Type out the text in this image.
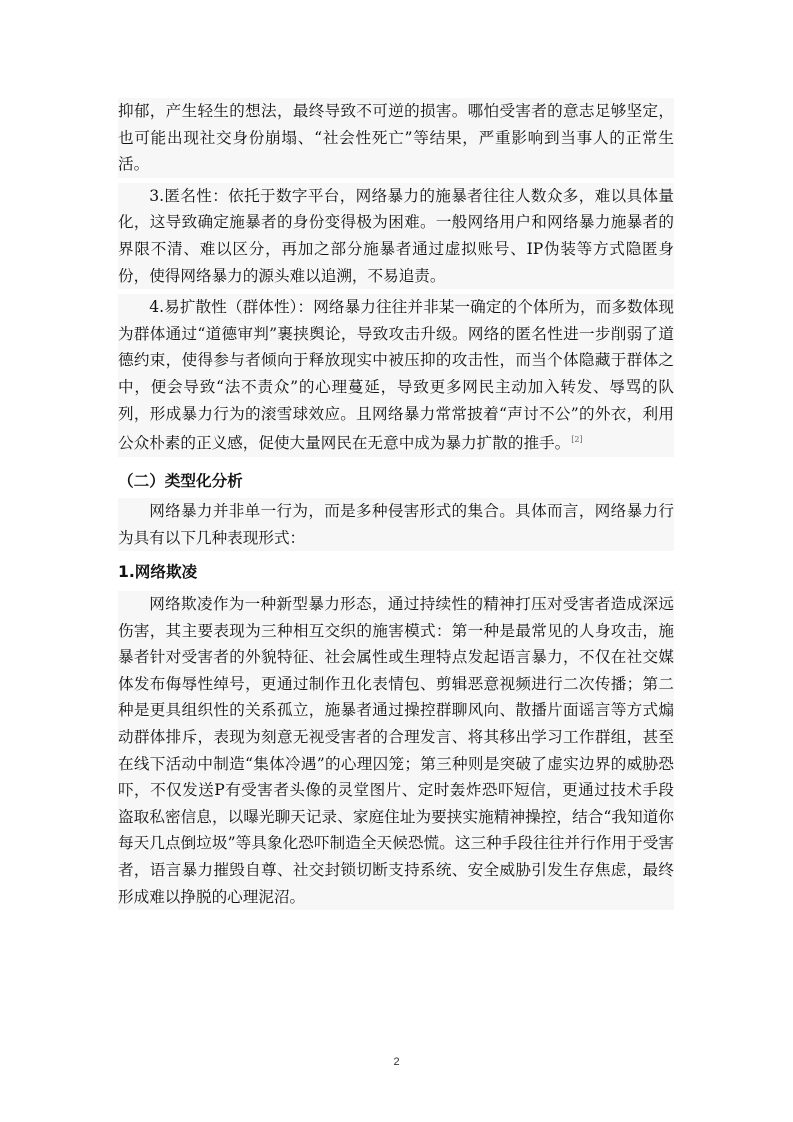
抑郁，产生轻生的想法，最终导致不可逆的损害。哪怕受害者的意志足够坚定，也可能出现社交身份崩塌、“社会性死亡”等结果，严重影响到当事人的正常生活。

3.匿名性：依托于数字平台，网络暴力的施暴者往往人数众多，难以具体量化，这导致确定施暴者的身份变得极为困难。一般网络用户和网络暴力施暴者的界限不清、难以区分，再加之部分施暴者通过虚拟账号、IP伪装等方式隐匿身份，使得网络暴力的源头难以追溯，不易追责。

4.易扩散性（群体性）：网络暴力往往并非某一确定的个体所为，而多数体现为群体通过“道德审判”裹挟舆论，导致攻击升级。网络的匿名性进一步削弱了道德约束，使得参与者倾向于释放现实中被压抑的攻击性，而当个体隐藏于群体之中，便会导致“法不责众”的心理蔓延，导致更多网民主动加入转发、辱骂的队列，形成暴力行为的滚雪球效应。且网络暴力常常披着“声讨不公”的外衣，利用公众朴素的正义感，促使大量网民在无意中成为暴力扩散的推手。[2]

（二）类型化分析

网络暴力并非单一行为，而是多种侵害形式的集合。具体而言，网络暴力行为具有以下几种表现形式：

1.网络欺凌

网络欺凌作为一种新型暴力形态，通过持续性的精神打压对受害者造成深远伤害，其主要表现为三种相互交织的施害模式：第一种是最常见的人身攻击，施暴者针对受害者的外貌特征、社会属性或生理特点发起语言暴力，不仅在社交媒体发布侮辱性绰号，更通过制作丑化表情包、剪辑恶意视频进行二次传播；第二种是更具组织性的关系孤立，施暴者通过操控群聊风向、散播片面谣言等方式煽动群体排斥，表现为刻意无视受害者的合理发言、将其移出学习工作群组，甚至在线下活动中制造“集体冷遇”的心理囚笼；第三种则是突破了虚实边界的威胁恐吓，不仅发送P有受害者头像的灵堂图片、定时轰炸恐吓短信，更通过技术手段盗取私密信息，以曝光聊天记录、家庭住址为要挟实施精神操控，结合“我知道你每天几点倒垃圾”等具象化恐吓制造全天候恐慌。这三种手段往往并行作用于受害者，语言暴力摧毁自尊、社交封锁切断支持系统、安全威胁引发生存焦虑，最终形成难以挣脱的心理泥沼。

2
